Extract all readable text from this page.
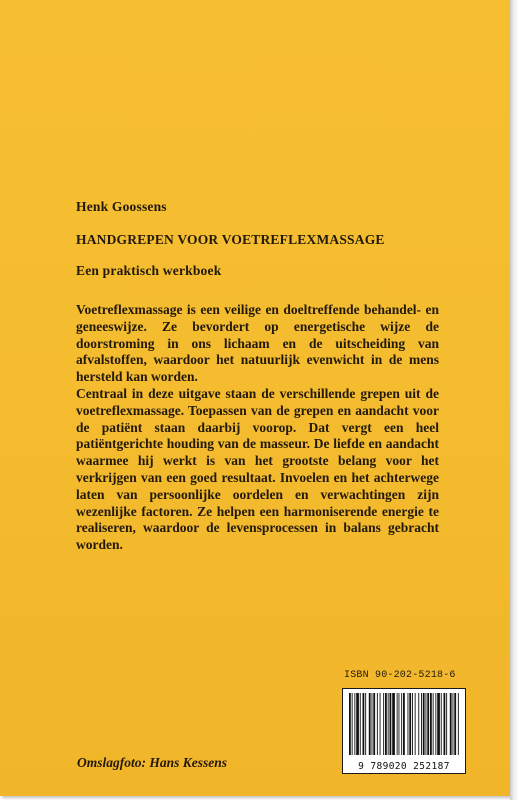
Henk Goossens
HANDGREPEN VOOR VOETREFLEXMASSAGE
Een praktisch werkboek

Voetreflexmassage is een veilige en doeltreffende behandel- en geneeswijze. Ze bevordert op energetische wijze de doorstroming in ons lichaam en de uitscheiding van afvalstoffen, waardoor het natuurlijk evenwicht in de mens hersteld kan worden.

Centraal in deze uitgave staan de verschillende grepen uit de voetreflexmassage. Toepassen van de grepen en aandacht voor de patiënt staan daarbij voorop. Dat vergt een heel patiëntgerichte houding van de masseur. De liefde en aandacht waarmee hij werkt is van het grootste belang voor het verkrijgen van een goed resultaat. Invoelen en het achterwege laten van persoonlijke oordelen en verwachtingen zijn wezenlijke factoren. Ze helpen een harmoniserende energie te realiseren, waardoor de levensprocessen in balans gebracht worden.

ISBN 90-202-5218-6
9 789020 252187
Omslagfoto: Hans Kessens
